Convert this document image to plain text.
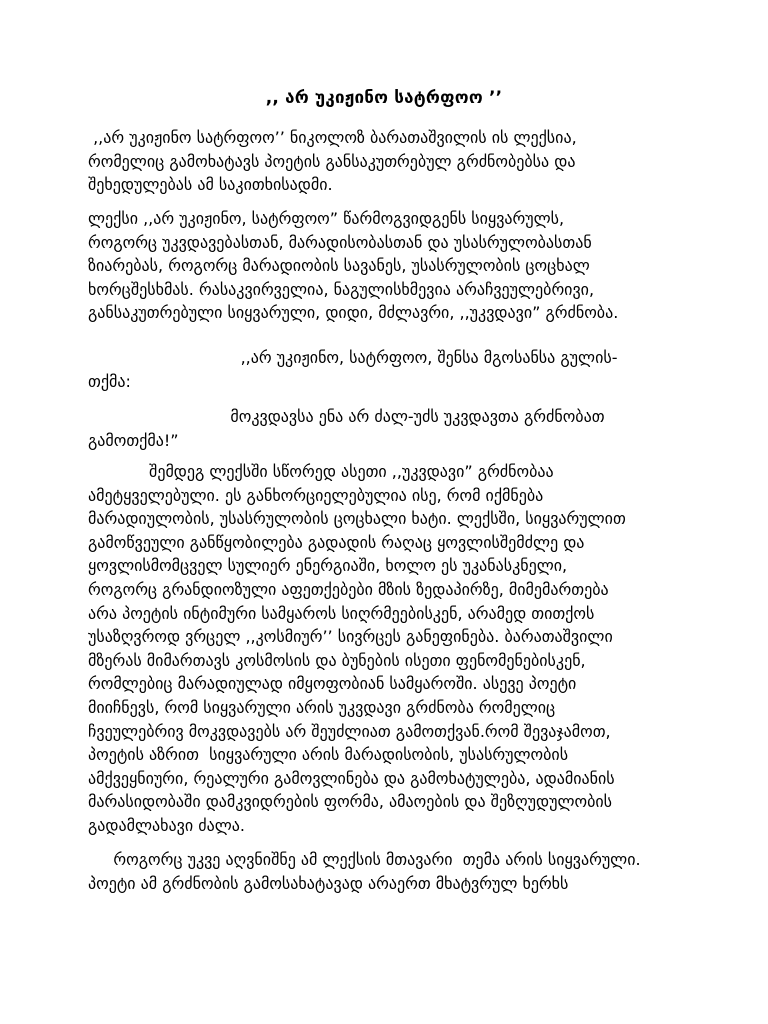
,, არ უკიჟინო სატრფოო ’’
,,არ უკიჟინო სატრფოო’’ ნიკოლოზ ბარათაშვილის ის ლექსია,
რომელიც გამოხატავს პოეტის განსაკუთრებულ გრძნობებსა და
შეხედულებას ამ საკითხისადმი.
ლექსი ,,არ უკიჟინო, სატრფოო” წარმოგვიდგენს სიყვარულს,
როგორც უკვდავებასთან, მარადისობასთან და უსასრულობასთან
ზიარებას, როგორც მარადიობის სავანეს, უსასრულობის ცოცხალ
ხორცშესხმას. რასაკვირველია, ნაგულისხმევია არაჩვეულებრივი,
განსაკუთრებული სიყვარული, დიდი, მძლავრი, ,,უკვდავი” გრძნობა.
,,არ უკიჟინო, სატრფოო, შენსა მგოსანსა გულის-
თქმა:
მოკვდავსა ენა არ ძალ-უძს უკვდავთა გრძნობათ
გამოთქმა!”
შემდეგ ლექსში სწორედ ასეთი ,,უკვდავი” გრძნობაა
ამეტყველებული. ეს განხორციელებულია ისე, რომ იქმნება
მარადიულობის, უსასრულობის ცოცხალი ხატი. ლექსში, სიყვარულით
გამოწვეული განწყობილება გადადის რაღაც ყოვლისშემძლე და
ყოვლისმომცველ სულიერ ენერგიაში, ხოლო ეს უკანასკნელი,
როგორც გრანდიოზული აფეთქებები მზის ზედაპირზე, მიმემართება
არა პოეტის ინტიმური სამყაროს სიღრმეებისკენ, არამედ თითქოს
უსაზღვროდ ვრცელ ,,კოსმიურ’’ სივრცეს განეფინება. ბარათაშვილი
მზერას მიმართავს კოსმოსის და ბუნების ისეთი ფენომენებისკენ,
რომლებიც მარადიულად იმყოფობიან სამყაროში. ასევე პოეტი
მიიჩნევს, რომ სიყვარული არის უკვდავი გრძნობა რომელიც
ჩვეულებრივ მოკვდავებს არ შეუძლიათ გამოთქვან.რომ შევაჯამოთ,
პოეტის აზრით  სიყვარული არის მარადისობის, უსასრულობის
ამქვეყნიური, რეალური გამოვლინება და გამოხატულება, ადამიანის
მარასიდობაში დამკვიდრების ფორმა, ამაოების და შეზღუდულობის
გადამლახავი ძალა.
როგორც უკვე აღვნიშნე ამ ლექსის მთავარი  თემა არის სიყვარული.
პოეტი ამ გრძნობის გამოსახატავად არაერთ მხატვრულ ხერხს
